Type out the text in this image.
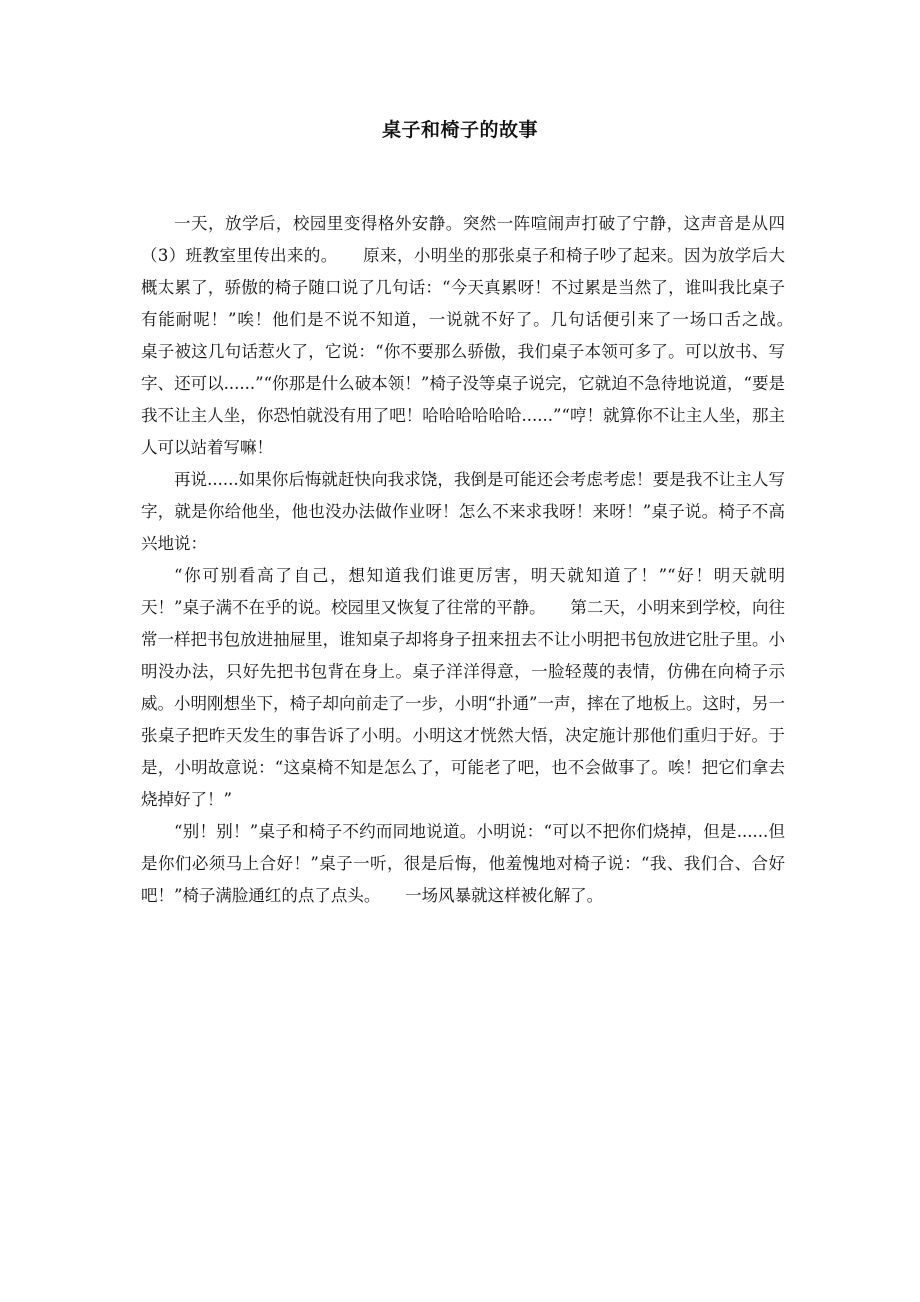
桌子和椅子的故事

一天，放学后，校园里变得格外安静。突然一阵喧闹声打破了宁静，这声音是从四（3）班教室里传出来的。　　原来，小明坐的那张桌子和椅子吵了起来。因为放学后大概太累了，骄傲的椅子随口说了几句话：“今天真累呀！不过累是当然了，谁叫我比桌子有能耐呢！”唉！他们是不说不知道，一说就不好了。几句话便引来了一场口舌之战。　　桌子被这几句话惹火了，它说：“你不要那么骄傲，我们桌子本领可多了。可以放书、写字、还可以......”“你那是什么破本领！”椅子没等桌子说完，它就迫不急待地说道，“要是我不让主人坐，你恐怕就没有用了吧！哈哈哈哈哈哈......”“哼！就算你不让主人坐，那主人可以站着写嘛！

再说......如果你后悔就赶快向我求饶，我倒是可能还会考虑考虑！要是我不让主人写字，就是你给他坐，他也没办法做作业呀！怎么不来求我呀！来呀！”桌子说。椅子不高兴地说：

“你可别看高了自己，想知道我们谁更厉害，明天就知道了！”“好！明天就明天！”桌子满不在乎的说。校园里又恢复了往常的平静。　　第二天，小明来到学校，向往常一样把书包放进抽屉里，谁知桌子却将身子扭来扭去不让小明把书包放进它肚子里。小明没办法，只好先把书包背在身上。桌子洋洋得意，一脸轻蔑的表情，仿佛在向椅子示威。小明刚想坐下，椅子却向前走了一步，小明“扑通”一声，摔在了地板上。这时，另一张桌子把昨天发生的事告诉了小明。小明这才恍然大悟，决定施计那他们重归于好。于是，小明故意说：“这桌椅不知是怎么了，可能老了吧，也不会做事了。唉！把它们拿去烧掉好了！”

“别！别！”桌子和椅子不约而同地说道。小明说：“可以不把你们烧掉，但是......但是你们必须马上合好！”桌子一听，很是后悔，他羞愧地对椅子说：“我、我们合、合好吧！”椅子满脸通红的点了点头。　　一场风暴就这样被化解了。
